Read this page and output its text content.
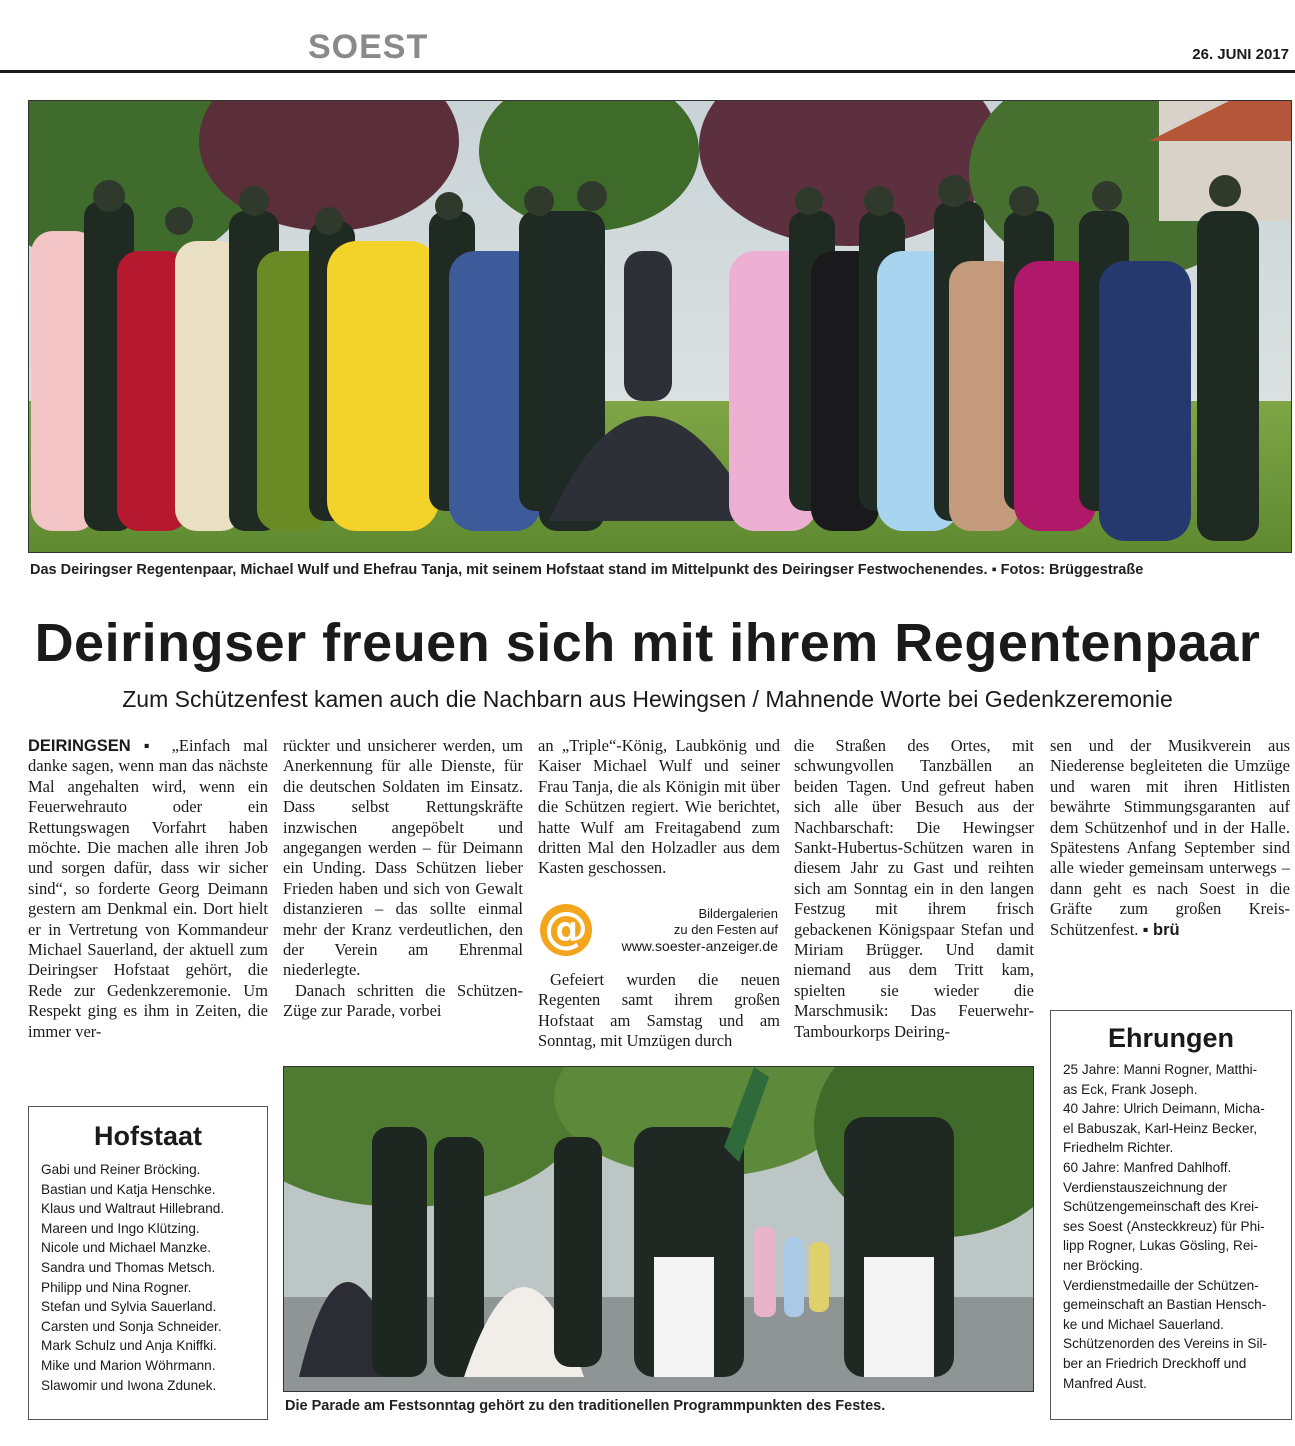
SOEST	26. JUNI 2017
Das Deiringser Regentenpaar, Michael Wulf und Ehefrau Tanja, mit seinem Hofstaat stand im Mittelpunkt des Deiringser Festwochenendes. ▪ Fotos: Brüggestraße
Deiringser freuen sich mit ihrem Regentenpaar
Zum Schützenfest kamen auch die Nachbarn aus Hewingsen / Mahnende Worte bei Gedenkzeremonie

DEIRINGSEN ▪ „Einfach mal danke sagen, wenn man das nächste Mal angehalten wird, wenn ein Feuerwehrauto oder ein Rettungswagen Vorfahrt haben möchte. Die machen alle ihren Job und sorgen dafür, dass wir sicher sind“, so forderte Georg Deimann gestern am Denkmal ein. Dort hielt er in Vertretung von Kommandeur Michael Sauerland, der aktuell zum Deiringser Hofstaat gehört, die Rede zur Gedenkzeremonie. Um Respekt ging es ihm in Zeiten, die immer ver-

rückter und unsicherer werden, um Anerkennung für alle Dienste, für die deutschen Soldaten im Einsatz. Dass selbst Rettungskräfte inzwischen angepöbelt und angegangen werden – für Deimann ein Unding. Dass Schützen lieber Frieden haben und sich von Gewalt distanzieren – das sollte einmal mehr der Kranz verdeutlichen, den der Verein am Ehrenmal niederlegte.

Danach schritten die Schützen-Züge zur Parade, vorbei

an „Triple“-König, Laubkönig und Kaiser Michael Wulf und seiner Frau Tanja, die als Königin mit über die Schützen regiert. Wie berichtet, hatte Wulf am Freitagabend zum dritten Mal den Holzadler aus dem Kasten geschossen.

@	Bildergalerien
zu den Festen auf
www.soester-anzeiger.de

Gefeiert wurden die neuen Regenten samt ihrem großen Hofstaat am Samstag und am Sonntag, mit Umzügen durch

die Straßen des Ortes, mit schwungvollen Tanzbällen an beiden Tagen. Und gefreut haben sich alle über Besuch aus der Nachbarschaft: Die Hewingser Sankt-Hubertus-Schützen waren in diesem Jahr zu Gast und reihten sich am Sonntag ein in den langen Festzug mit ihrem frisch gebackenen Königspaar Stefan und Miriam Brügger. Und damit niemand aus dem Tritt kam, spielten sie wieder die Marschmusik: Das Feuerwehr-Tambourkorps Deiring-

sen und der Musikverein aus Niederense begleiteten die Umzüge und waren mit ihren Hitlisten bewährte Stimmungsgaranten auf dem Schützenhof und in der Halle. Spätestens Anfang September sind alle wieder gemeinsam unterwegs – dann geht es nach Soest in die Gräfte zum großen Kreis-Schützenfest. ▪ brü

Hofstaat
Gabi und Reiner Bröcking.
Bastian und Katja Henschke.
Klaus und Waltraut Hillebrand.
Mareen und Ingo Klützing.
Nicole und Michael Manzke.
Sandra und Thomas Metsch.
Philipp und Nina Rogner.
Stefan und Sylvia Sauerland.
Carsten und Sonja Schneider.
Mark Schulz und Anja Kniffki.
Mike und Marion Wöhrmann.
Slawomir und Iwona Zdunek.
Die Parade am Festsonntag gehört zu den traditionellen Programmpunkten des Festes.
Ehrungen
25 Jahre: Manni Rogner, Matthi-
as Eck, Frank Joseph.
40 Jahre: Ulrich Deimann, Micha-
el Babuszak, Karl-Heinz Becker,
Friedhelm Richter.
60 Jahre: Manfred Dahlhoff.
Verdienstauszeichnung der
Schützengemeinschaft des Krei-
ses Soest (Ansteckkreuz) für Phi-
lipp Rogner, Lukas Gösling, Rei-
ner Bröcking.
Verdienstmedaille der Schützen-
gemeinschaft an Bastian Hensch-
ke und Michael Sauerland.
Schützenorden des Vereins in Sil-
ber an Friedrich Dreckhoff und
Manfred Aust.
